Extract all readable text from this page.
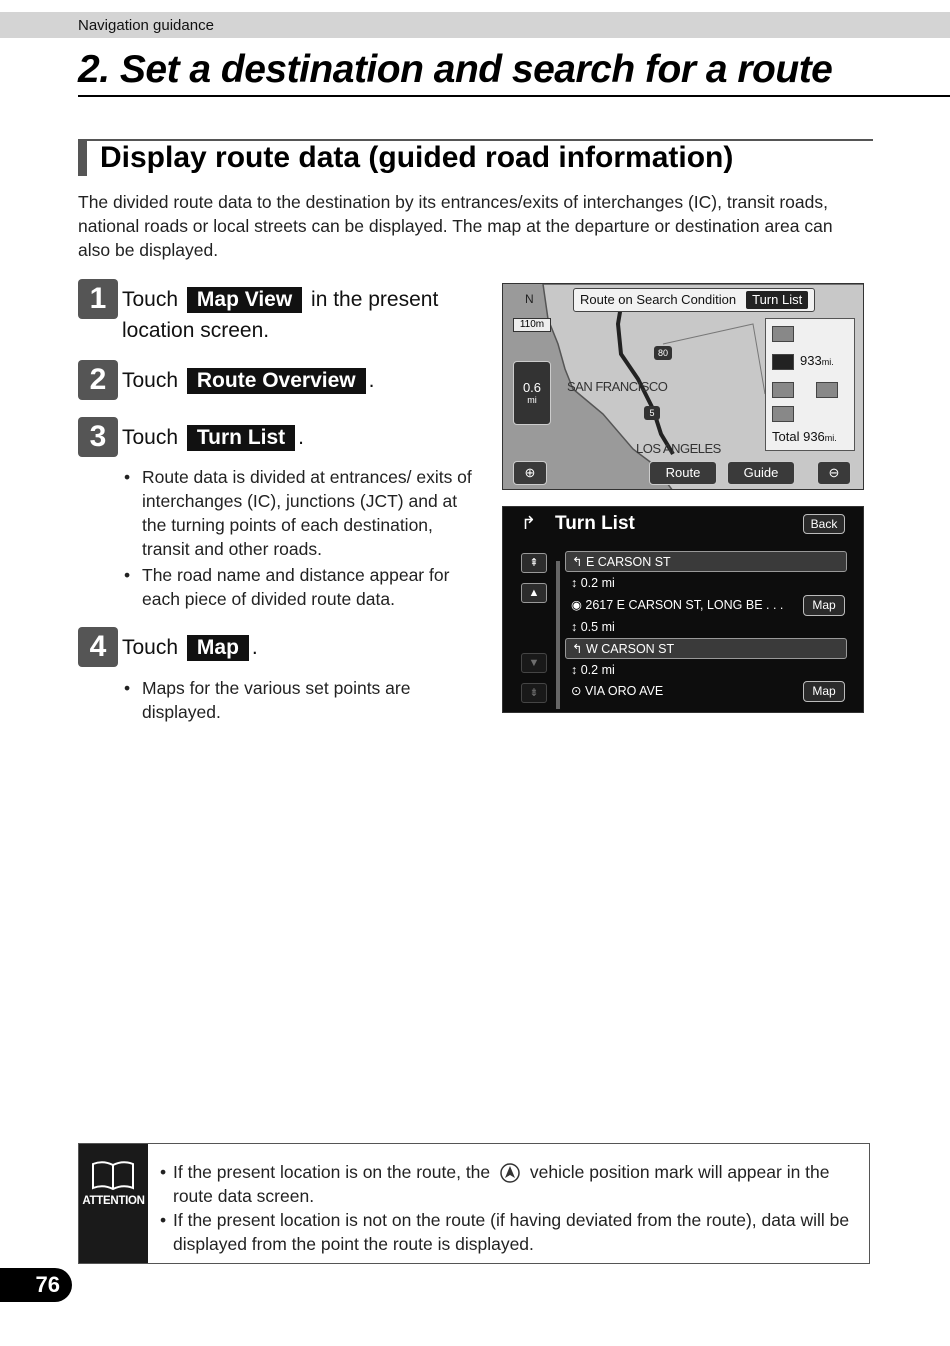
Navigation guidance
2. Set a destination and search for a route
Display route data (guided road information)

The divided route data to the destination by its entrances/exits of interchanges (IC), transit roads, national roads or local streets can be displayed. The map at the departure or destination area can also be displayed.

1 Touch Map View in the present
location screen.
2 Touch Route Overview .
3 Touch Turn List .
• Route data is divided at entrances/ exits of interchanges (IC), junctions (JCT) and at the turning points of each destination, transit and other roads.
• The road name and distance appear for each piece of divided route data.
4 Touch Map .
• Maps for the various set points are displayed.
Route on Search Condition Turn List
N
110m
0.6
mi
SAN FRANCISCO
LOS ANGELES
80
5
933mi.
Total 936mi.
⊕	Route	Guide	⊖
↱ Turn List	Back
⇞
▲
▼
⇟
↰ E CARSON ST
↕ 0.2 mi
◉ 2617 E CARSON ST, LONG BE . . .	Map
↕ 0.5 mi
↰ W CARSON ST
↕ 0.2 mi
⊙ VIA ORO AVE	Map
ATTENTION

• If the present location is on the route, the vehicle position mark will appear in the route data screen.

• If the present location is not on the route (if having deviated from the route), data will be displayed from the point the route is displayed.

76
